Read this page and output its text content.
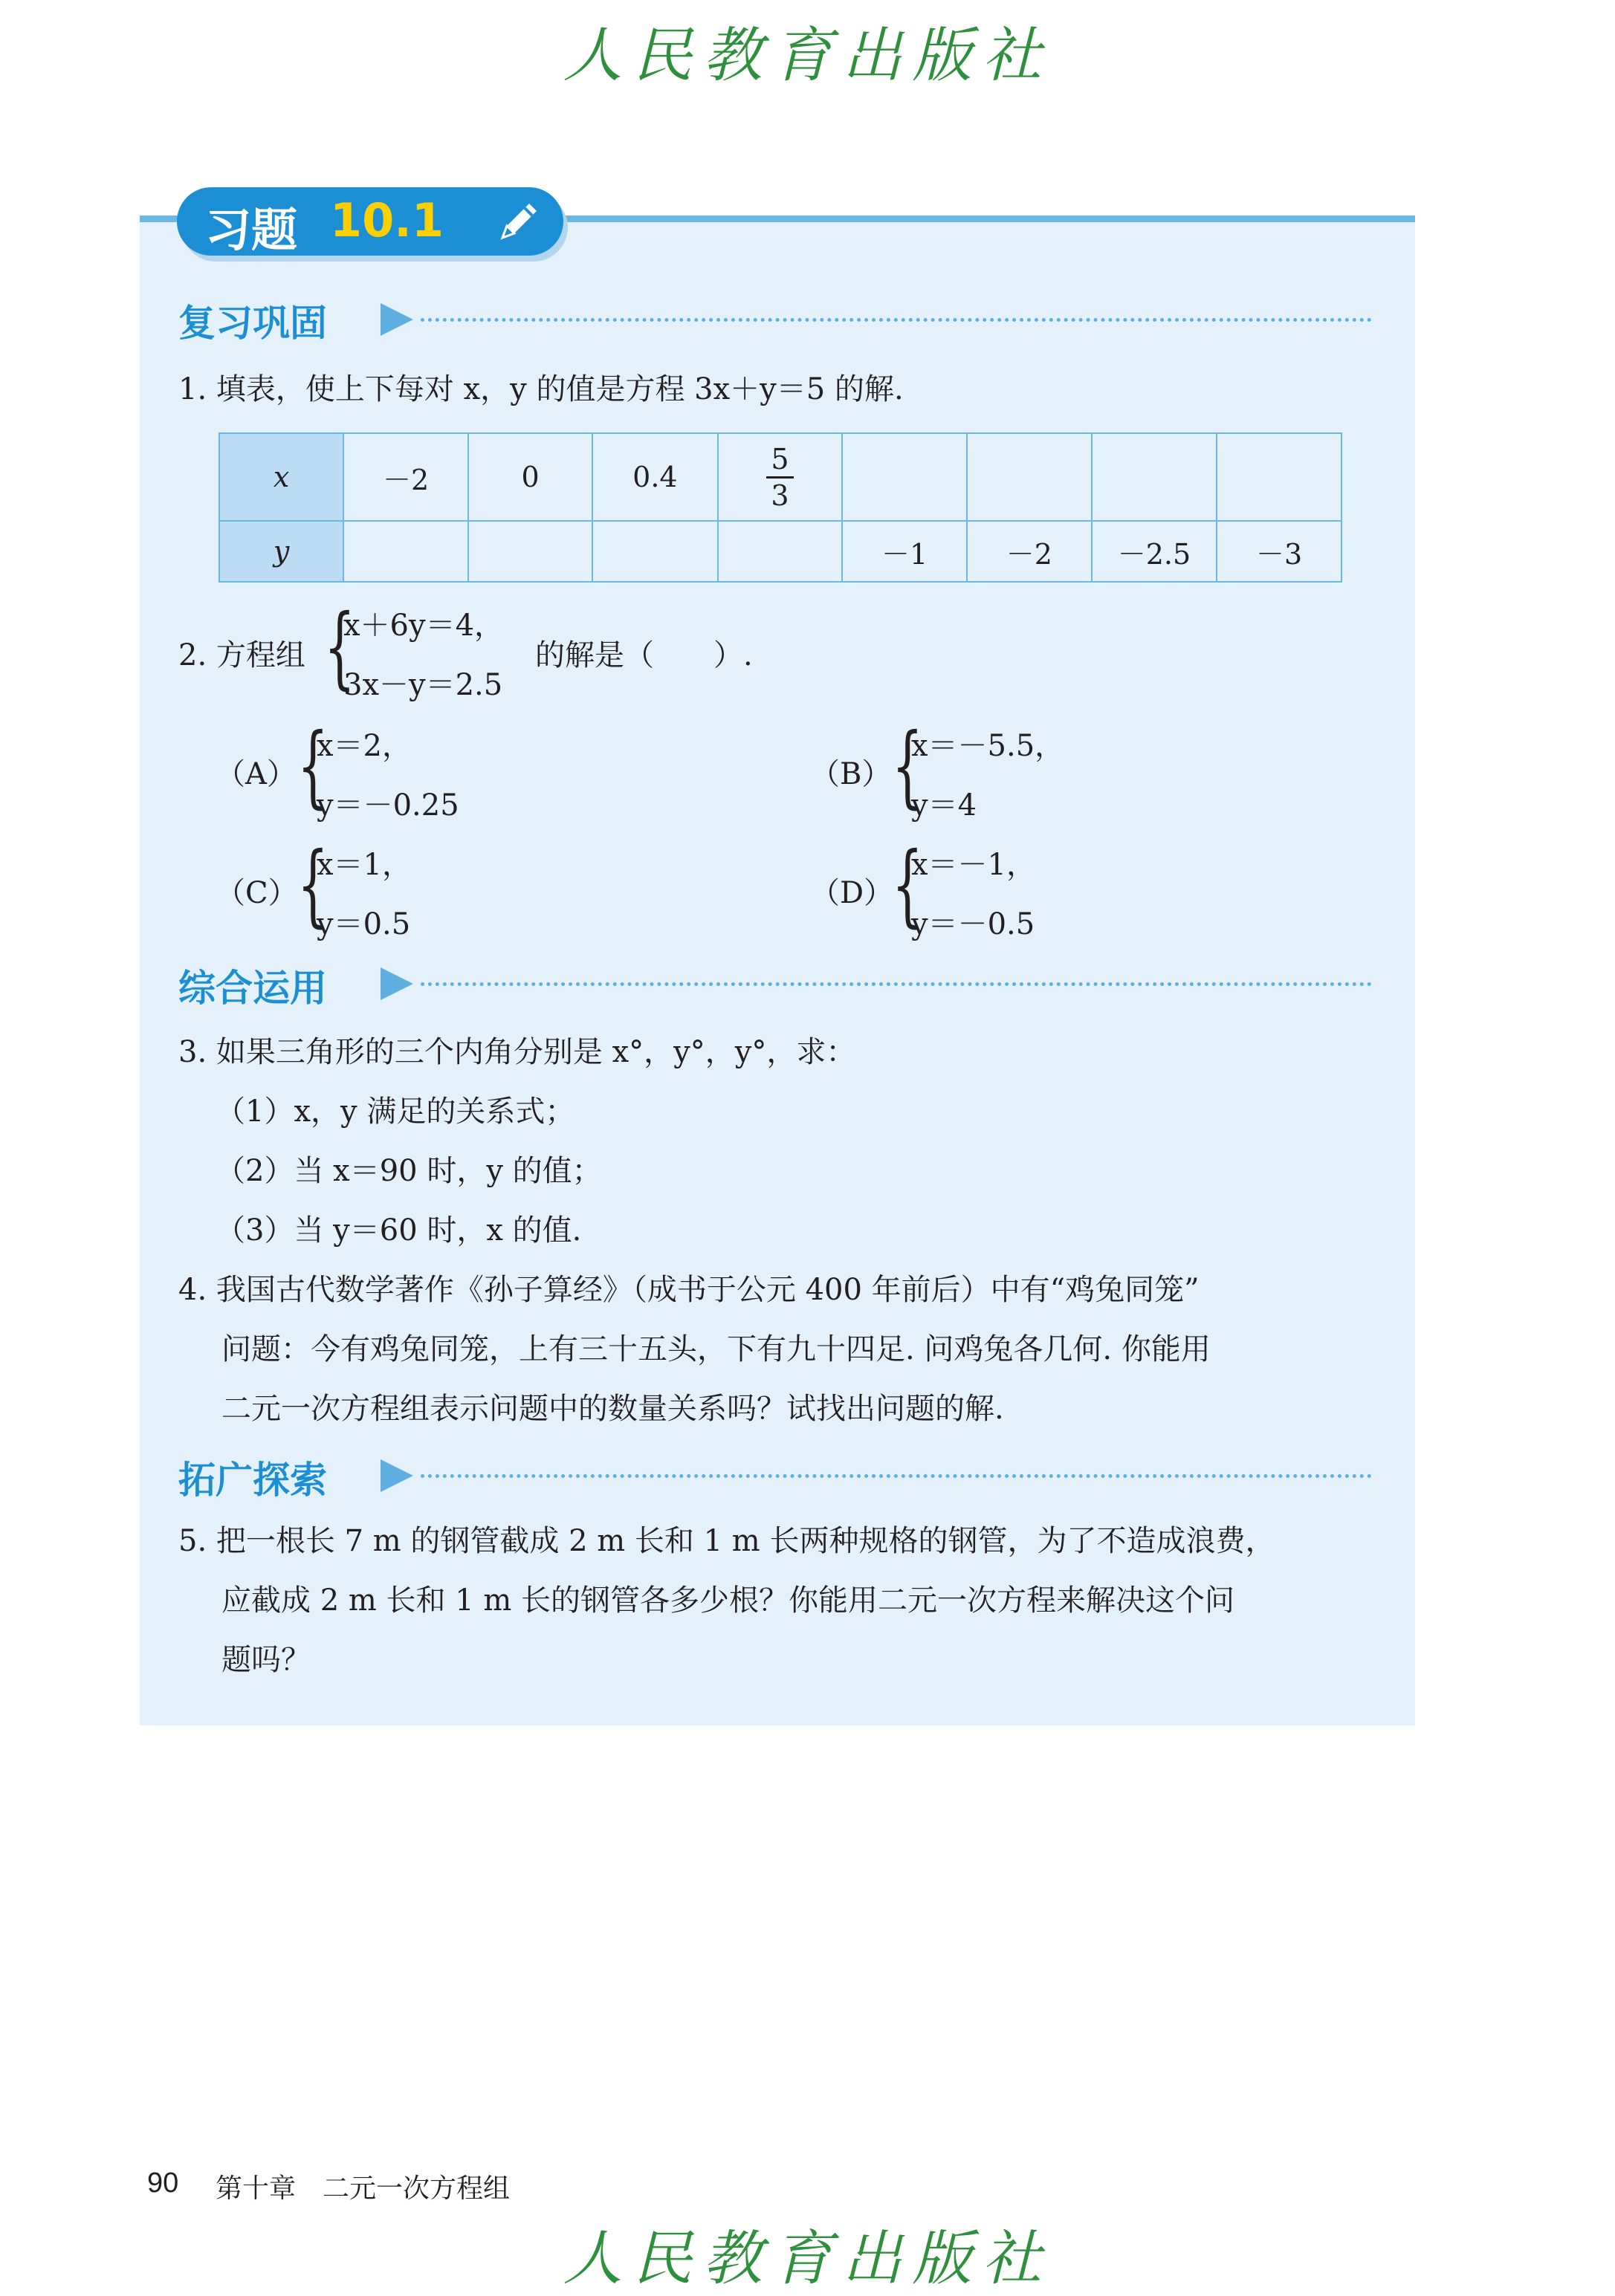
人民教育出版社
习题 10.1
复习巩固
1. 填表，使上下每对 x，y 的值是方程 3x＋y＝5 的解.
x	－2	0	0.4	$\frac{5}{3}$

y					－1	－2	－2.5	－3
2. 方程组 {
x＋6y＝4，
3x－y＝2.5
的解是（　　）.
（A） {
x＝2，
y＝－0.25
（B） {
x＝－5.5，
y＝4
（C） {
x＝1，
y＝0.5
（D）
{
x＝－1，
y＝－0.5
综合运用
3. 如果三角形的三个内角分别是 x°，y°，y°，求：
（1）x，y 满足的关系式；
（2）当 x＝90 时，y 的值；
（3）当 y＝60 时，x 的值.
4. 我国古代数学著作《孙子算经》（成书于公元 400 年前后）中有“鸡兔同笼”
问题：今有鸡兔同笼，上有三十五头，下有九十四足. 问鸡兔各几何. 你能用
二元一次方程组表示问题中的数量关系吗？试找出问题的解.
拓广探索
5. 把一根长 7 m 的钢管截成 2 m 长和 1 m 长两种规格的钢管，为了不造成浪费，
应截成 2 m 长和 1 m 长的钢管各多少根？你能用二元一次方程来解决这个问
题吗？
90 第十章　二元一次方程组
人民教育出版社
